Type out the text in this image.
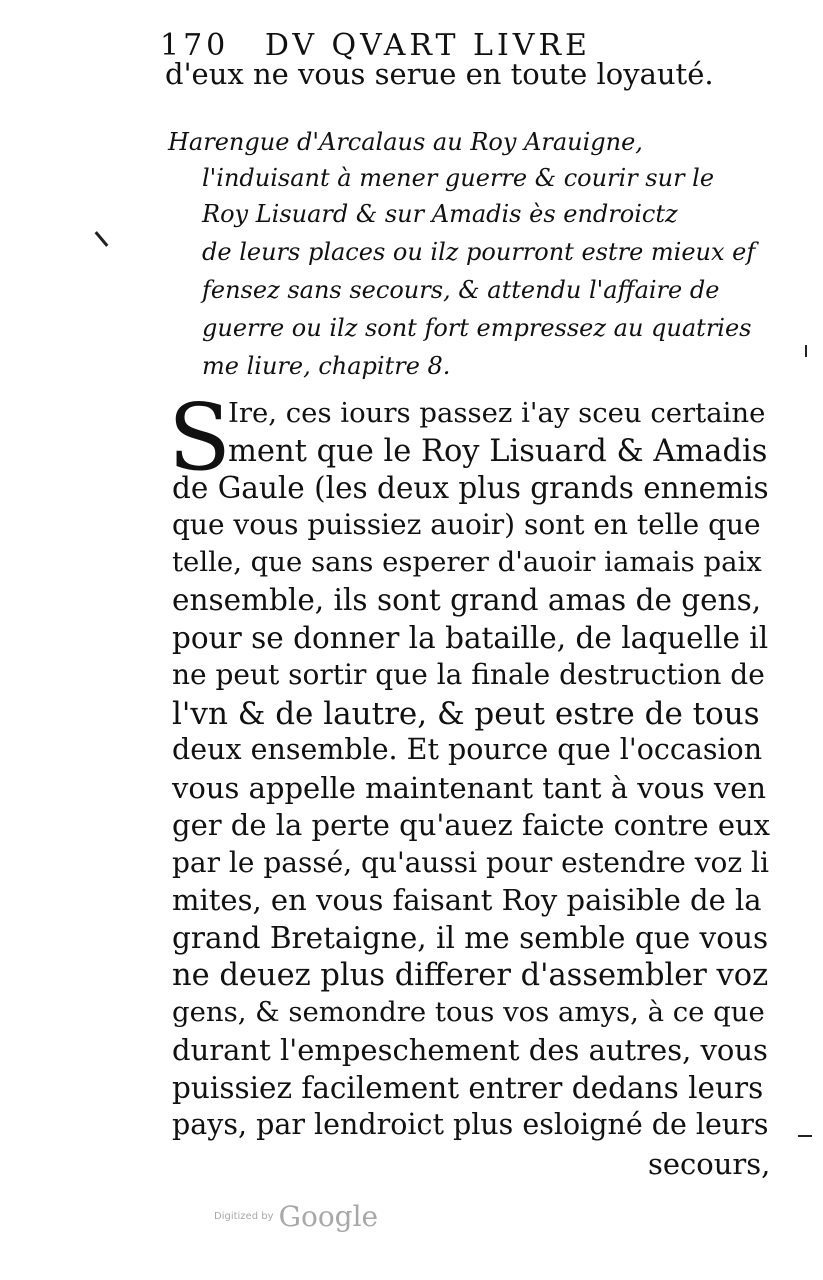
170 DV QVART LIVRE
d'eux ne vous serue en toute loyauté.
Harengue d'Arcalaus au Roy Arauigne,
l'induisant à mener guerre & courir sur le
Roy Lisuard & sur Amadis ès endroictz
de leurs places ou ilz pourront estre mieux ef
fensez sans secours, & attendu l'affaire de
guerre ou ilz sont fort empressez au quatries
me liure, chapitre 8.
S
Ire, ces iours passez i'ay sceu certaine
ment que le Roy Lisuard & Amadis
de Gaule (les deux plus grands ennemis
que vous puissiez auoir) sont en telle que
telle, que sans esperer d'auoir iamais paix
ensemble, ils sont grand amas de gens,
pour se donner la bataille, de laquelle il
ne peut sortir que la finale destruction de
l'vn & de lautre, & peut estre de tous
deux ensemble. Et pource que l'occasion
vous appelle maintenant tant à vous ven
ger de la perte qu'auez faicte contre eux
par le passé, qu'aussi pour estendre voz li
mites, en vous faisant Roy paisible de la
grand Bretaigne, il me semble que vous
ne deuez plus differer d'assembler voz
gens, & semondre tous vos amys, à ce que
durant l'empeschement des autres, vous
puissiez facilement entrer dedans leurs
pays, par lendroict plus esloigné de leurs
secours,
Digitized by Google
